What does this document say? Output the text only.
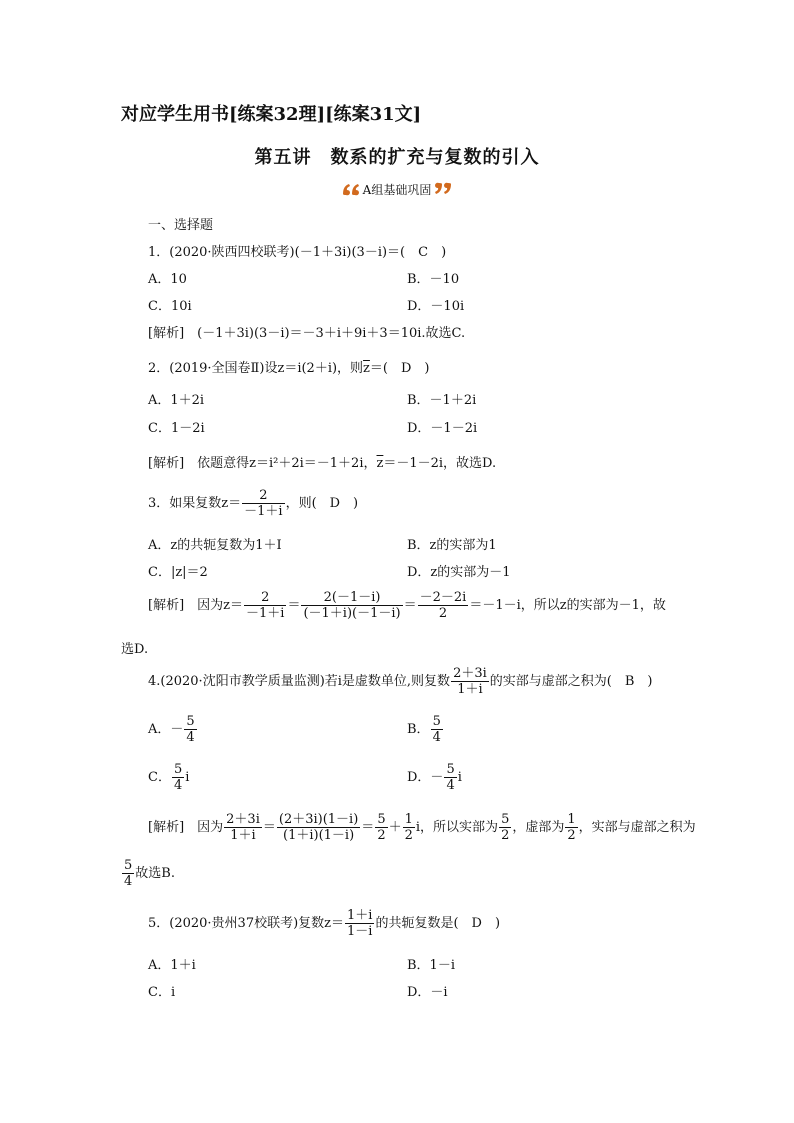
对应学生用书[练案32理][练案31文]
第五讲　数系的扩充与复数的引入
A组基础巩固
一、选择题
1．(2020·陕西四校联考)(－1＋3i)(3－i)＝(　C　)
A．10	B．－10
C．10i	D．－10i
[解析]　(－1＋3i)(3－i)＝－3＋i＋9i＋3＝10i.故选C.
2．(2019·全国卷Ⅱ)设z＝i(2＋i)，则$\overline{z}=$(　D　)
A．1＋2i	B．－1＋2i
C．1－2i	D．－1－2i
[解析]　依题意得z＝i²＋2i＝－1＋2i，$\overline{z}=-1-2i$，故选D.
3．如果复数$z= \frac{2}{-1+i}$ ，则(　D　)
A．z的共轭复数为1＋I	B．z的实部为1
C．|z|＝2	D．z的实部为－1
[解析]　因为$z= \frac{2}{-1+i} = \frac{2(-1-i)}{(-1+i)(-1-i)} = \frac{-2-2i}{2} =-1-i$，所以z的实部为－1，故
选D.
4.(2020·沈阳市教学质量监测)若i是虚数单位,则复数 $\frac{2+3i}{1+i}$ 的实部与虚部之积为(　B　)
A．－ $\frac{5}{4}$	B． $\frac{5}{4}$
C． $\frac{5}{4}$ i	D．－ $\frac{5}{4}$ i
[解析]　因为 $\frac{2+3i}{1+i} = \frac{(2+3i)(1-i)}{(1+i)(1-i)} = \frac{5}{2} + \frac{1}{2}$ i，所以实部为 $\frac{5}{2}$ ，虚部为 $\frac{1}{2}$ ，实部与虚部之积为
$\frac{5}{4}$ 故选B.
5．(2020·贵州37校联考)复数$z= \frac{1+i}{1-i}$ 的共轭复数是(　D　)
A．1＋i	B．1－i
C．i	D．－i
